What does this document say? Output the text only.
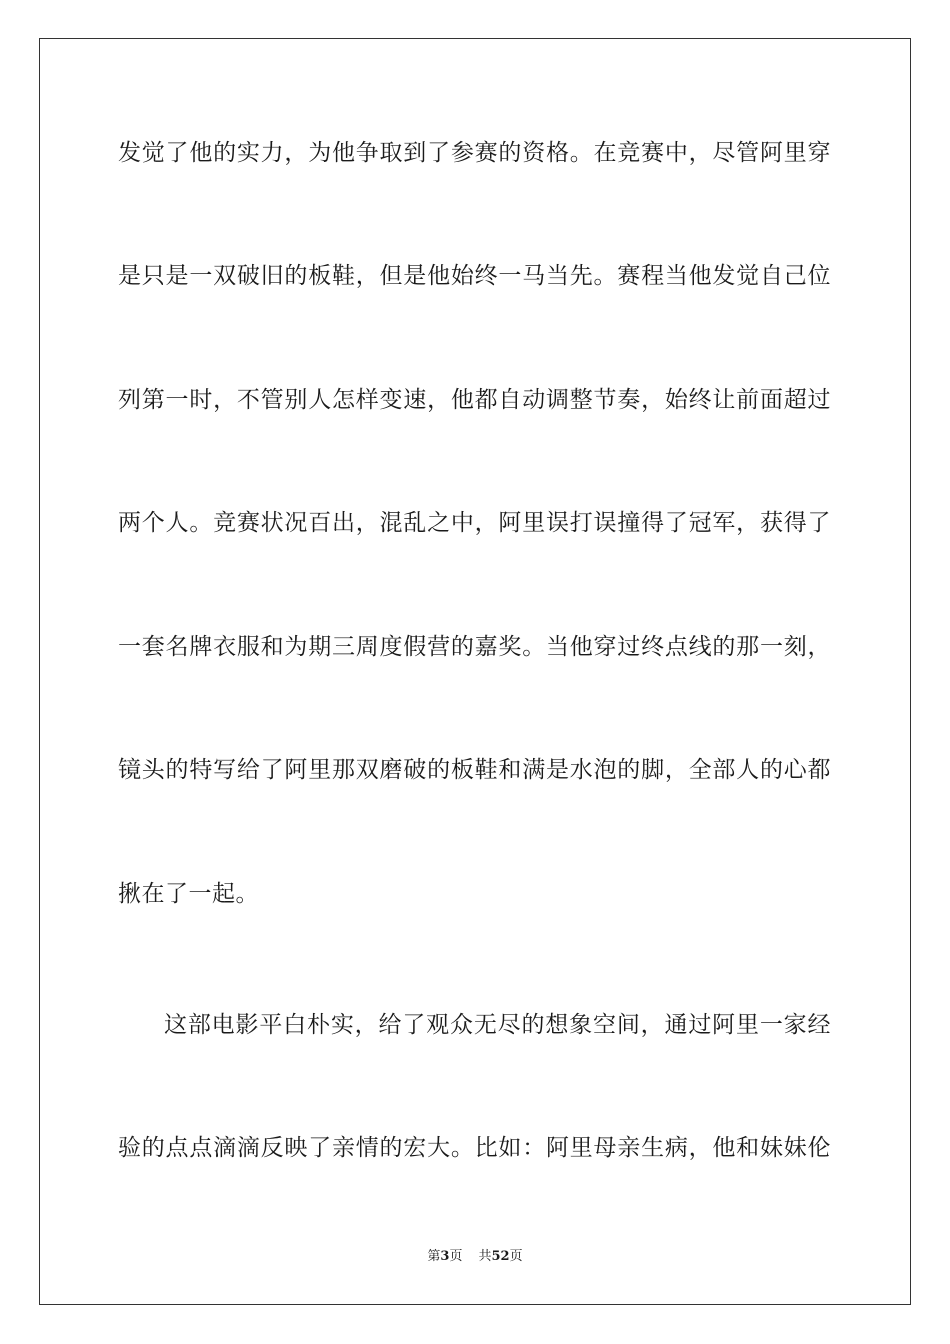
发觉了他的实力，为他争取到了参赛的资格。在竞赛中，尽管阿里穿
是只是一双破旧的板鞋，但是他始终一马当先。赛程当他发觉自己位
列第一时，不管别人怎样变速，他都自动调整节奏，始终让前面超过
两个人。竞赛状况百出，混乱之中，阿里误打误撞得了冠军，获得了
一套名牌衣服和为期三周度假营的嘉奖。当他穿过终点线的那一刻，
镜头的特写给了阿里那双磨破的板鞋和满是水泡的脚，全部人的心都
揪在了一起。
这部电影平白朴实，给了观众无尽的想象空间，通过阿里一家经
验的点点滴滴反映了亲情的宏大。比如：阿里母亲生病，他和妹妹伦
第3页 共52页
